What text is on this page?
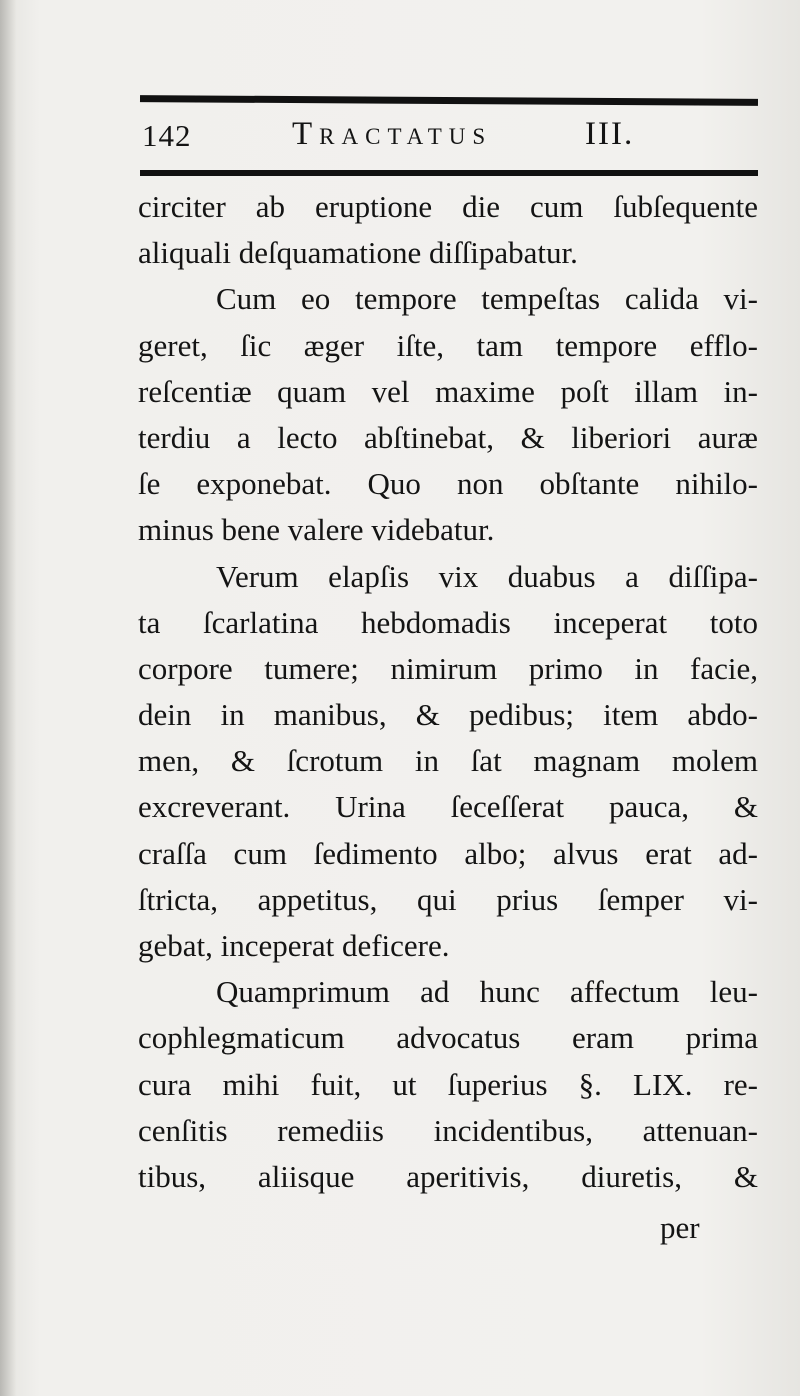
142	Tractatus	III.
circiter ab eruptione die cum ſubſequente
aliquali deſquamatione diſſipabatur.
Cum eo tempore tempeſtas calida vi-
geret, ſic æger iſte, tam tempore efflo-
reſcentiæ quam vel maxime poſt illam in-
terdiu a lecto abſtinebat, & liberiori auræ
ſe exponebat. Quo non obſtante nihilo-
minus bene valere videbatur.
Verum elapſis vix duabus a diſſipa-
ta ſcarlatina hebdomadis inceperat toto
corpore tumere; nimirum primo in facie,
dein in manibus, & pedibus; item abdo-
men, & ſcrotum in ſat magnam molem
excreverant. Urina ſeceſſerat pauca, &
craſſa cum ſedimento albo; alvus erat ad-
ſtricta, appetitus, qui prius ſemper vi-
gebat, inceperat deficere.
Quamprimum ad hunc affectum leu-
cophlegmaticum advocatus eram prima
cura mihi fuit, ut ſuperius §. LIX. re-
cenſitis remediis incidentibus, attenuan-
tibus, aliisque aperitivis, diuretis, &
per
